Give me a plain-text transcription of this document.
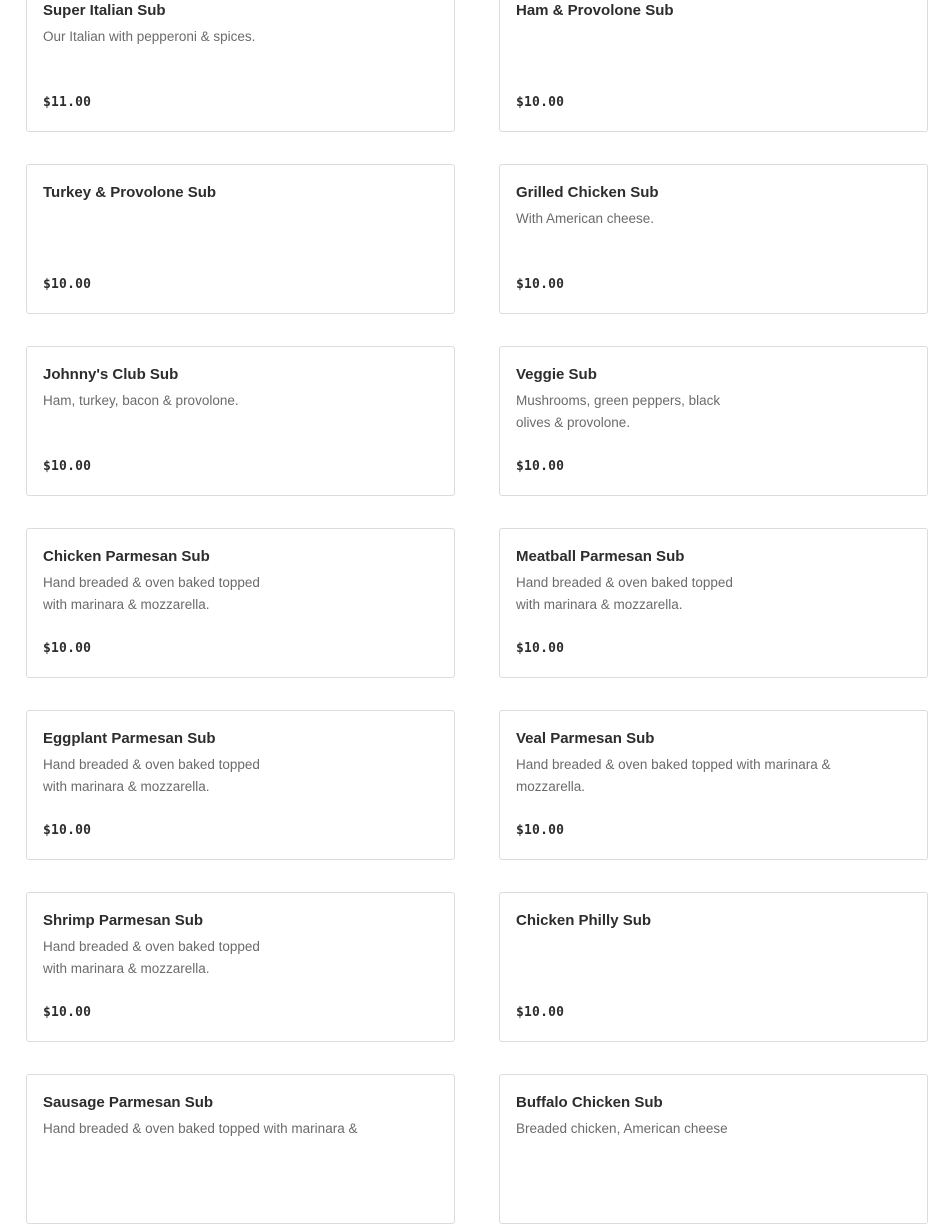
Super Italian Sub
Our Italian with pepperoni & spices.
$11.00
Ham & Provolone Sub
$10.00
Turkey & Provolone Sub
$10.00
Grilled Chicken Sub
With American cheese.
$10.00
Johnny's Club Sub
Ham, turkey, bacon & provolone.
$10.00
Veggie Sub
Mushrooms, green peppers, black olives & provolone.
$10.00
Chicken Parmesan Sub
Hand breaded & oven baked topped with marinara & mozzarella.
$10.00
Meatball Parmesan Sub
Hand breaded & oven baked topped with marinara & mozzarella.
$10.00
Eggplant Parmesan Sub
Hand breaded & oven baked topped with marinara & mozzarella.
$10.00
Veal Parmesan Sub
Hand breaded & oven baked topped with marinara & mozzarella.
$10.00
Shrimp Parmesan Sub
Hand breaded & oven baked topped with marinara & mozzarella.
$10.00
Chicken Philly Sub
$10.00
Sausage Parmesan Sub
Hand breaded & oven baked topped with marinara &
Buffalo Chicken Sub
Breaded chicken, American cheese
